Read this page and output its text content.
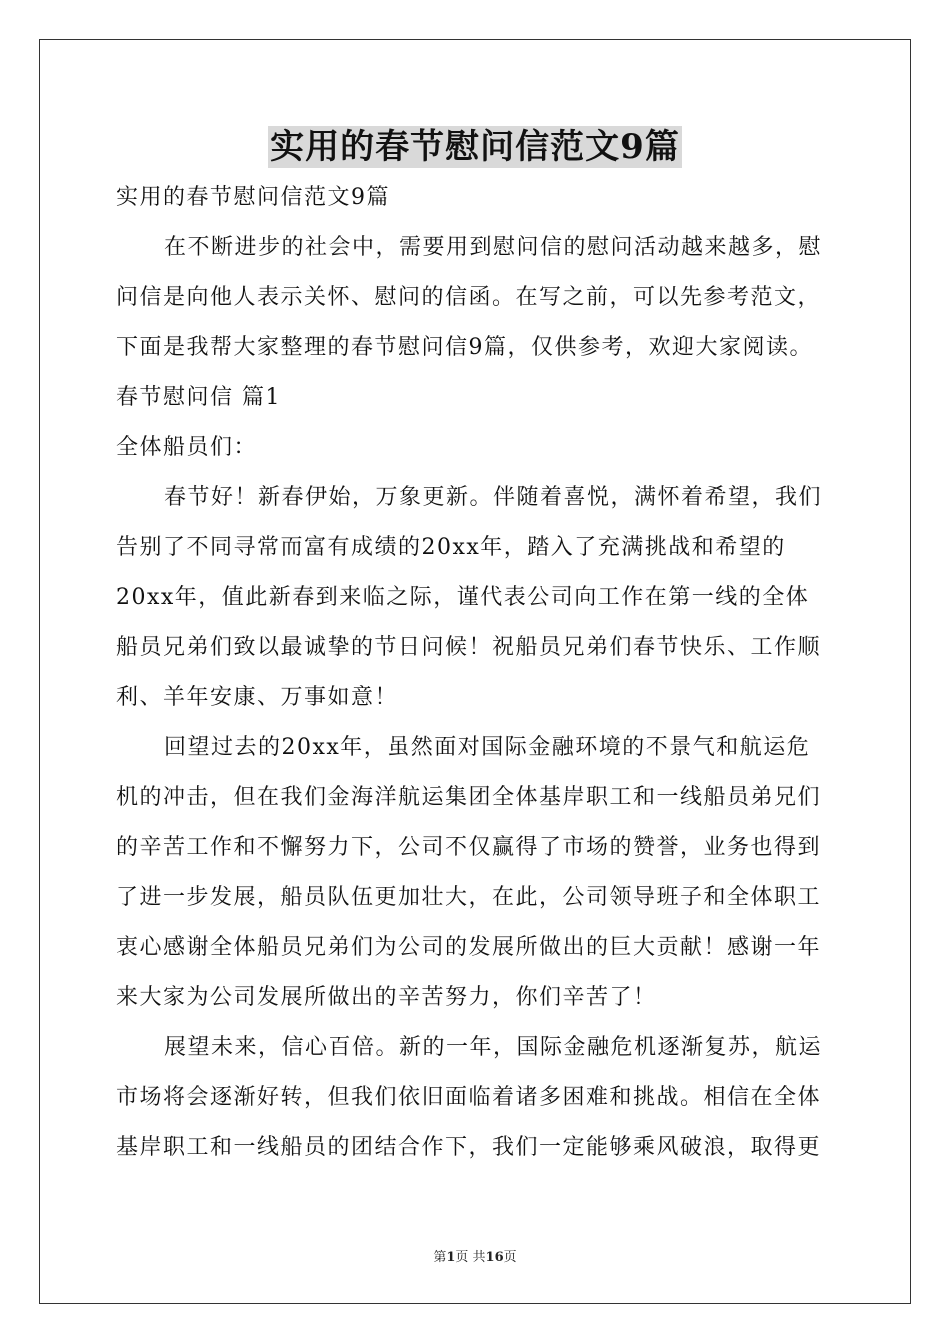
实用的春节慰问信范文9篇
实用的春节慰问信范文9篇
在不断进步的社会中，需要用到慰问信的慰问活动越来越多，慰
问信是向他人表示关怀、慰问的信函。在写之前，可以先参考范文，
下面是我帮大家整理的春节慰问信9篇，仅供参考，欢迎大家阅读。
春节慰问信 篇1
全体船员们：
春节好！新春伊始，万象更新。伴随着喜悦，满怀着希望，我们
告别了不同寻常而富有成绩的20xx年，踏入了充满挑战和希望的
20xx年，值此新春到来临之际，谨代表公司向工作在第一线的全体
船员兄弟们致以最诚挚的节日问候！祝船员兄弟们春节快乐、工作顺
利、羊年安康、万事如意！
回望过去的20xx年，虽然面对国际金融环境的不景气和航运危
机的冲击，但在我们金海洋航运集团全体基岸职工和一线船员弟兄们
的辛苦工作和不懈努力下，公司不仅赢得了市场的赞誉，业务也得到
了进一步发展，船员队伍更加壮大，在此，公司领导班子和全体职工
衷心感谢全体船员兄弟们为公司的发展所做出的巨大贡献！感谢一年
来大家为公司发展所做出的辛苦努力，你们辛苦了！
展望未来，信心百倍。新的一年，国际金融危机逐渐复苏，航运
市场将会逐渐好转，但我们依旧面临着诸多困难和挑战。相信在全体
基岸职工和一线船员的团结合作下，我们一定能够乘风破浪，取得更
第1页 共16页
